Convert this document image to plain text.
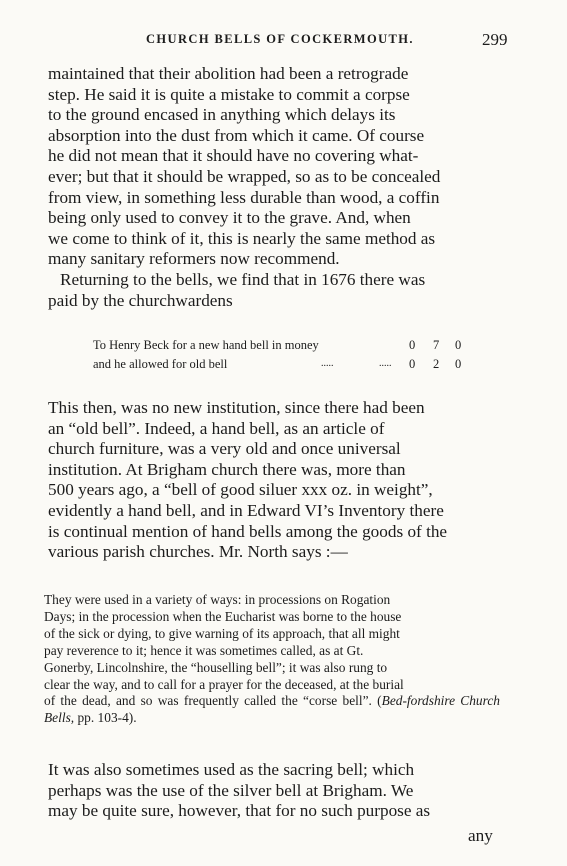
CHURCH BELLS OF COCKERMOUTH.	299

maintained that their abolition had been a retrograde

step. He said it is quite a mistake to commit a corpse

to the ground encased in anything which delays its

absorption into the dust from which it came. Of course

he did not mean that it should have no covering what-

ever; but that it should be wrapped, so as to be concealed

from view, in something less durable than wood, a coffin

being only used to convey it to the grave. And, when

we come to think of it, this is nearly the same method as

many sanitary reformers now recommend.

Returning to the bells, we find that in 1676 there was

paid by the churchwardens

To Henry Beck for a new hand bell in money	0 7 0
and he allowed for old bell	.....	..... 0 2 0

This then, was no new institution, since there had been

an “old bell”. Indeed, a hand bell, as an article of

church furniture, was a very old and once universal

institution. At Brigham church there was, more than

500 years ago, a “bell of good siluer xxx oz. in weight”,

evidently a hand bell, and in Edward VI’s Inventory there

is continual mention of hand bells among the goods of the

various parish churches. Mr. North says :—

They were used in a variety of ways: in processions on Rogation

Days; in the procession when the Eucharist was borne to the house

of the sick or dying, to give warning of its approach, that all might

pay reverence to it; hence it was sometimes called, as at Gt.

Gonerby, Lincolnshire, the “houselling bell”; it was also rung to

clear the way, and to call for a prayer for the deceased, at the burial

of the dead, and so was frequently called the “corse bell”. (Bed-fordshire Church Bells, pp. 103-4).

It was also sometimes used as the sacring bell; which

perhaps was the use of the silver bell at Brigham. We

may be quite sure, however, that for no such purpose as

any
